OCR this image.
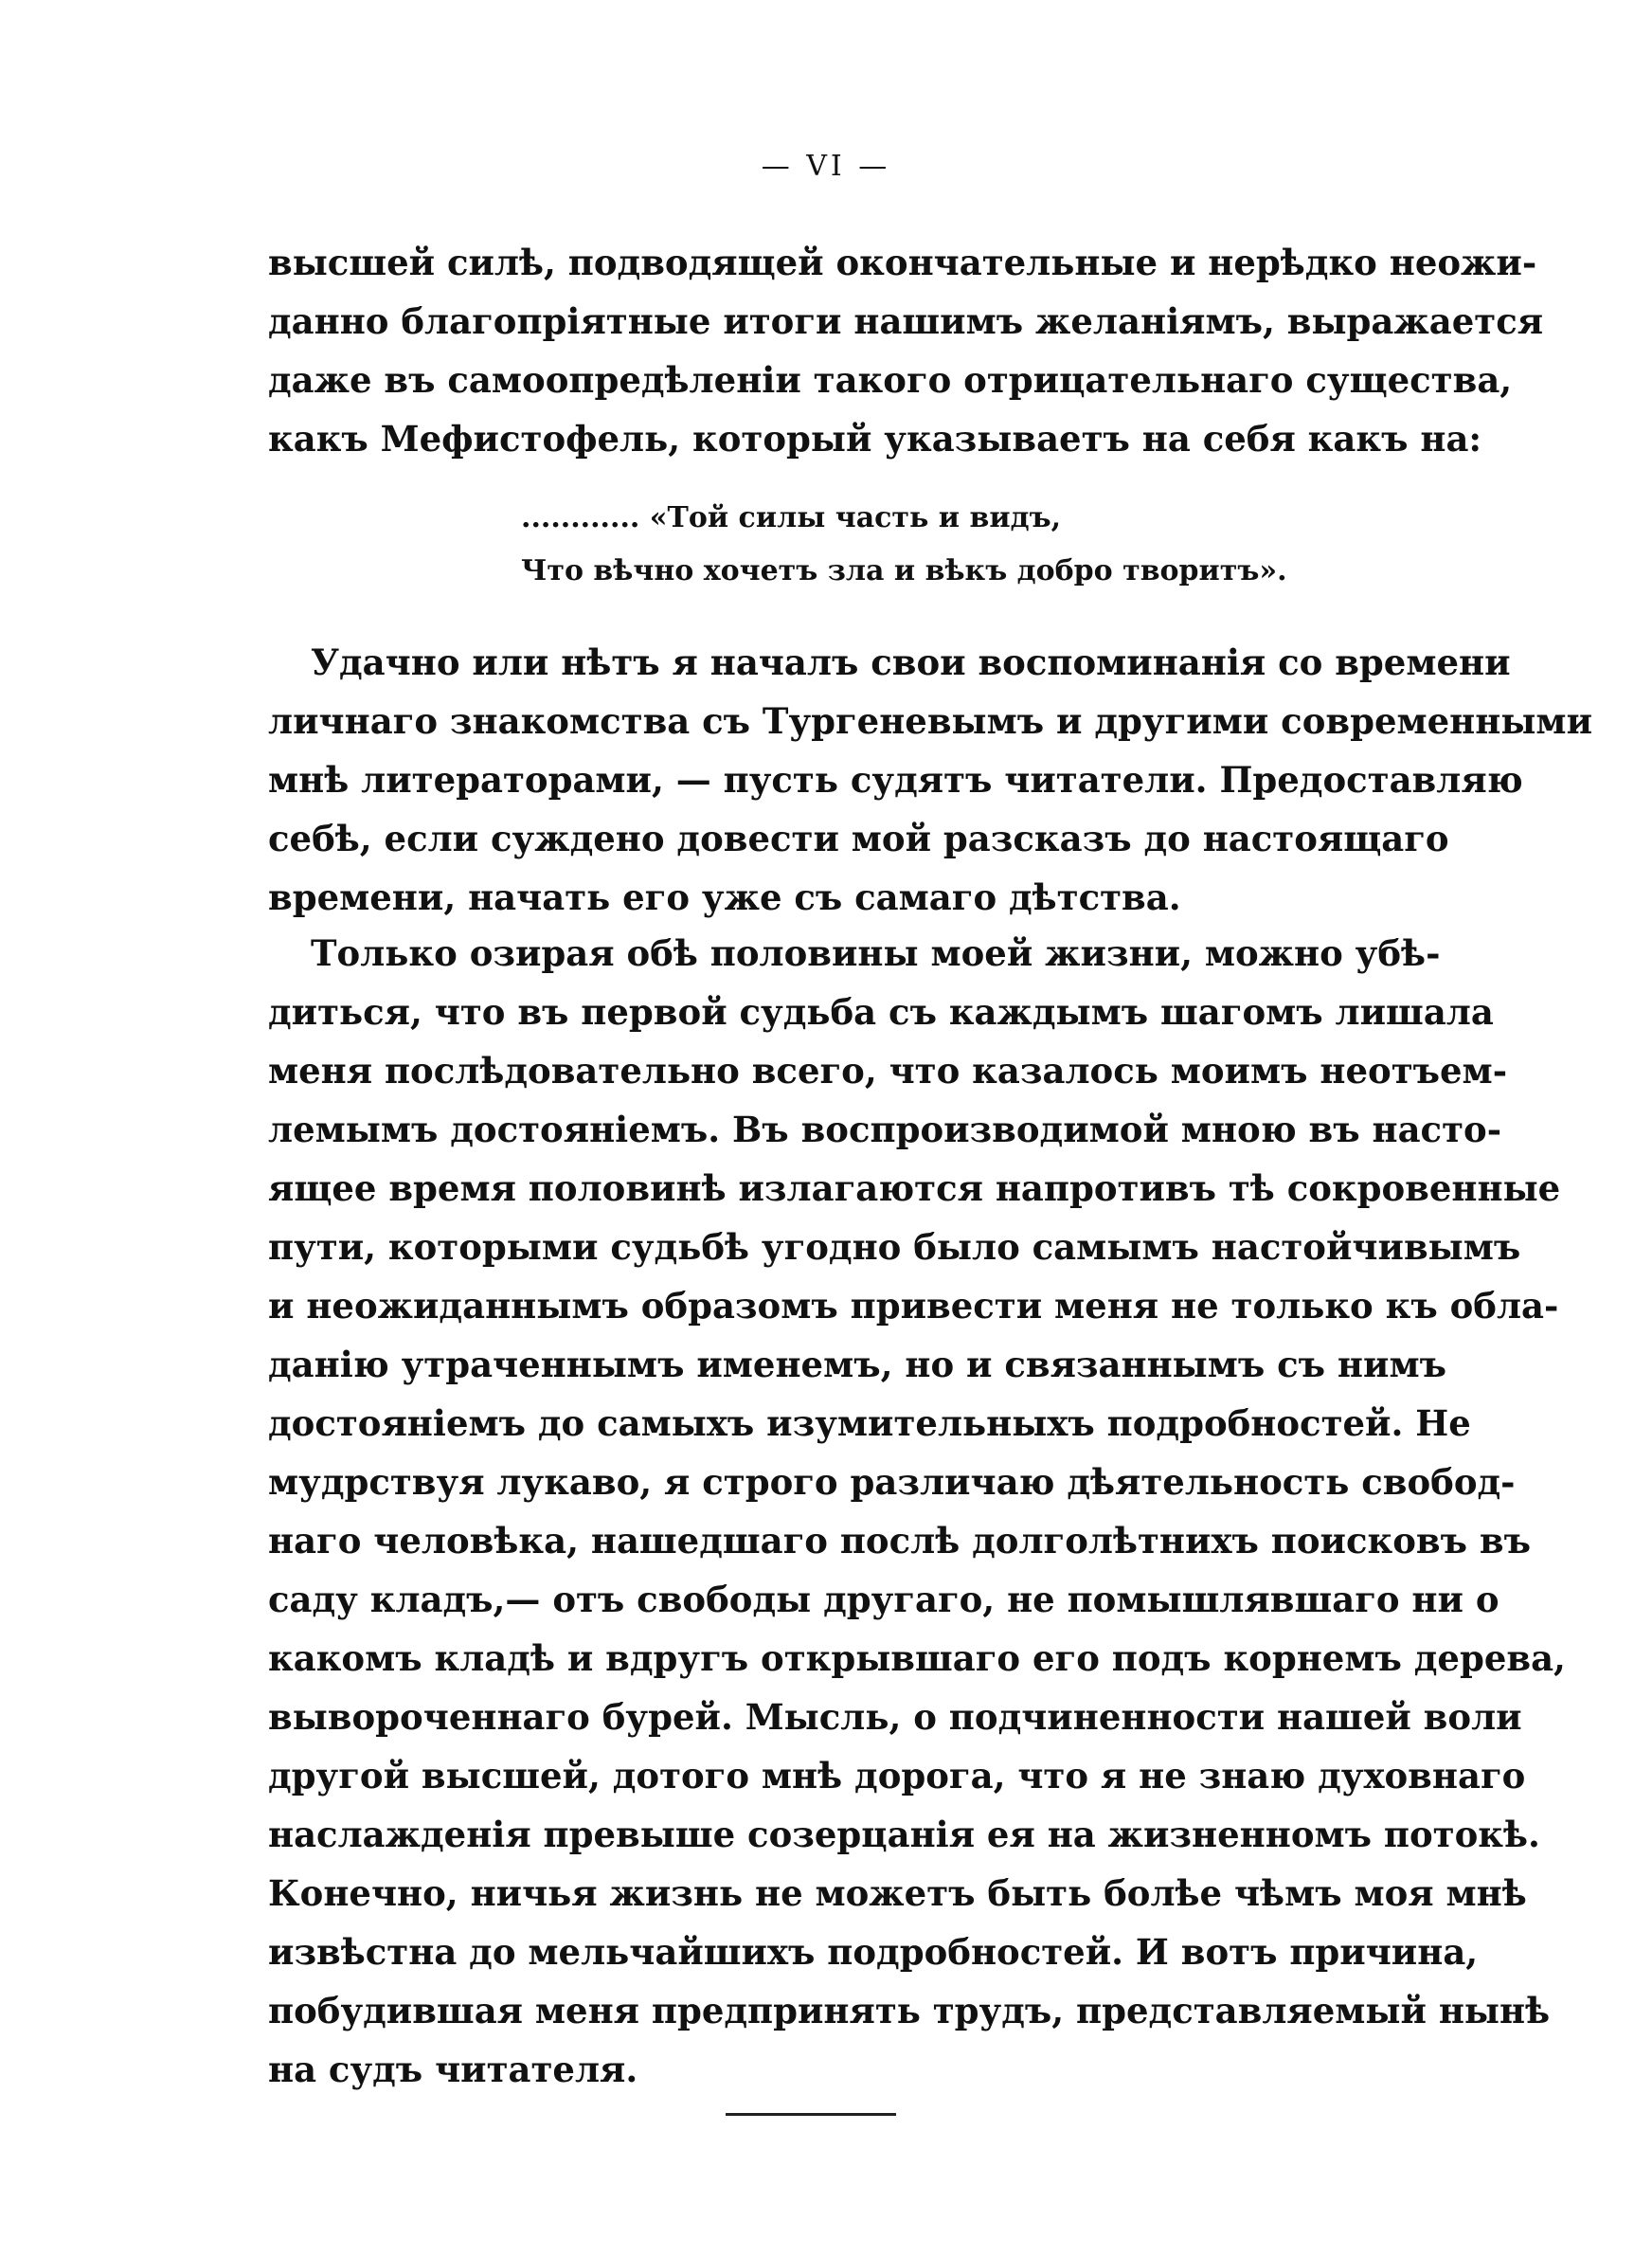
— VI —
высшей силѣ, подводящей окончательные и нерѣдко неожи-
данно благопріятные итоги нашимъ желаніямъ, выражается
даже въ самоопредѣленіи такого отрицательнаго существа,
какъ Мефистофель, который указываетъ на себя какъ на:
............ «Той силы часть и видъ,
Что вѣчно хочетъ зла и вѣкъ добро творитъ».
Удачно или нѣтъ я началъ свои воспоминанія со времени
личнаго знакомства съ Тургеневымъ и другими современными
мнѣ литераторами, — пусть судятъ читатели. Предоставляю
себѣ, если суждено довести мой разсказъ до настоящаго
времени, начать его уже съ самаго дѣтства.
Только озирая обѣ половины моей жизни, можно убѣ-
диться, что въ первой судьба съ каждымъ шагомъ лишала
меня послѣдовательно всего, что казалось моимъ неотъем-
лемымъ достояніемъ. Въ воспроизводимой мною въ насто-
ящее время половинѣ излагаются напротивъ тѣ сокровенные
пути, которыми судьбѣ угодно было самымъ настойчивымъ
и неожиданнымъ образомъ привести меня не только къ обла-
данію утраченнымъ именемъ, но и связаннымъ съ нимъ
достояніемъ до самыхъ изумительныхъ подробностей. Не
мудрствуя лукаво, я строго различаю дѣятельность свобод-
наго человѣка, нашедшаго послѣ долголѣтнихъ поисковъ въ
саду кладъ,— отъ свободы другаго, не помышлявшаго ни о
какомъ кладѣ и вдругъ открывшаго его подъ корнемъ дерева,
вывороченнаго бурей. Мысль, о подчиненности нашей воли
другой высшей, дотого мнѣ дорога, что я не знаю духовнаго
наслажденія превыше созерцанія ея на жизненномъ потокѣ.
Конечно, ничья жизнь не можетъ быть болѣе чѣмъ моя мнѣ
извѣстна до мельчайшихъ подробностей. И вотъ причина,
побудившая меня предпринять трудъ, представляемый нынѣ
на судъ читателя.
